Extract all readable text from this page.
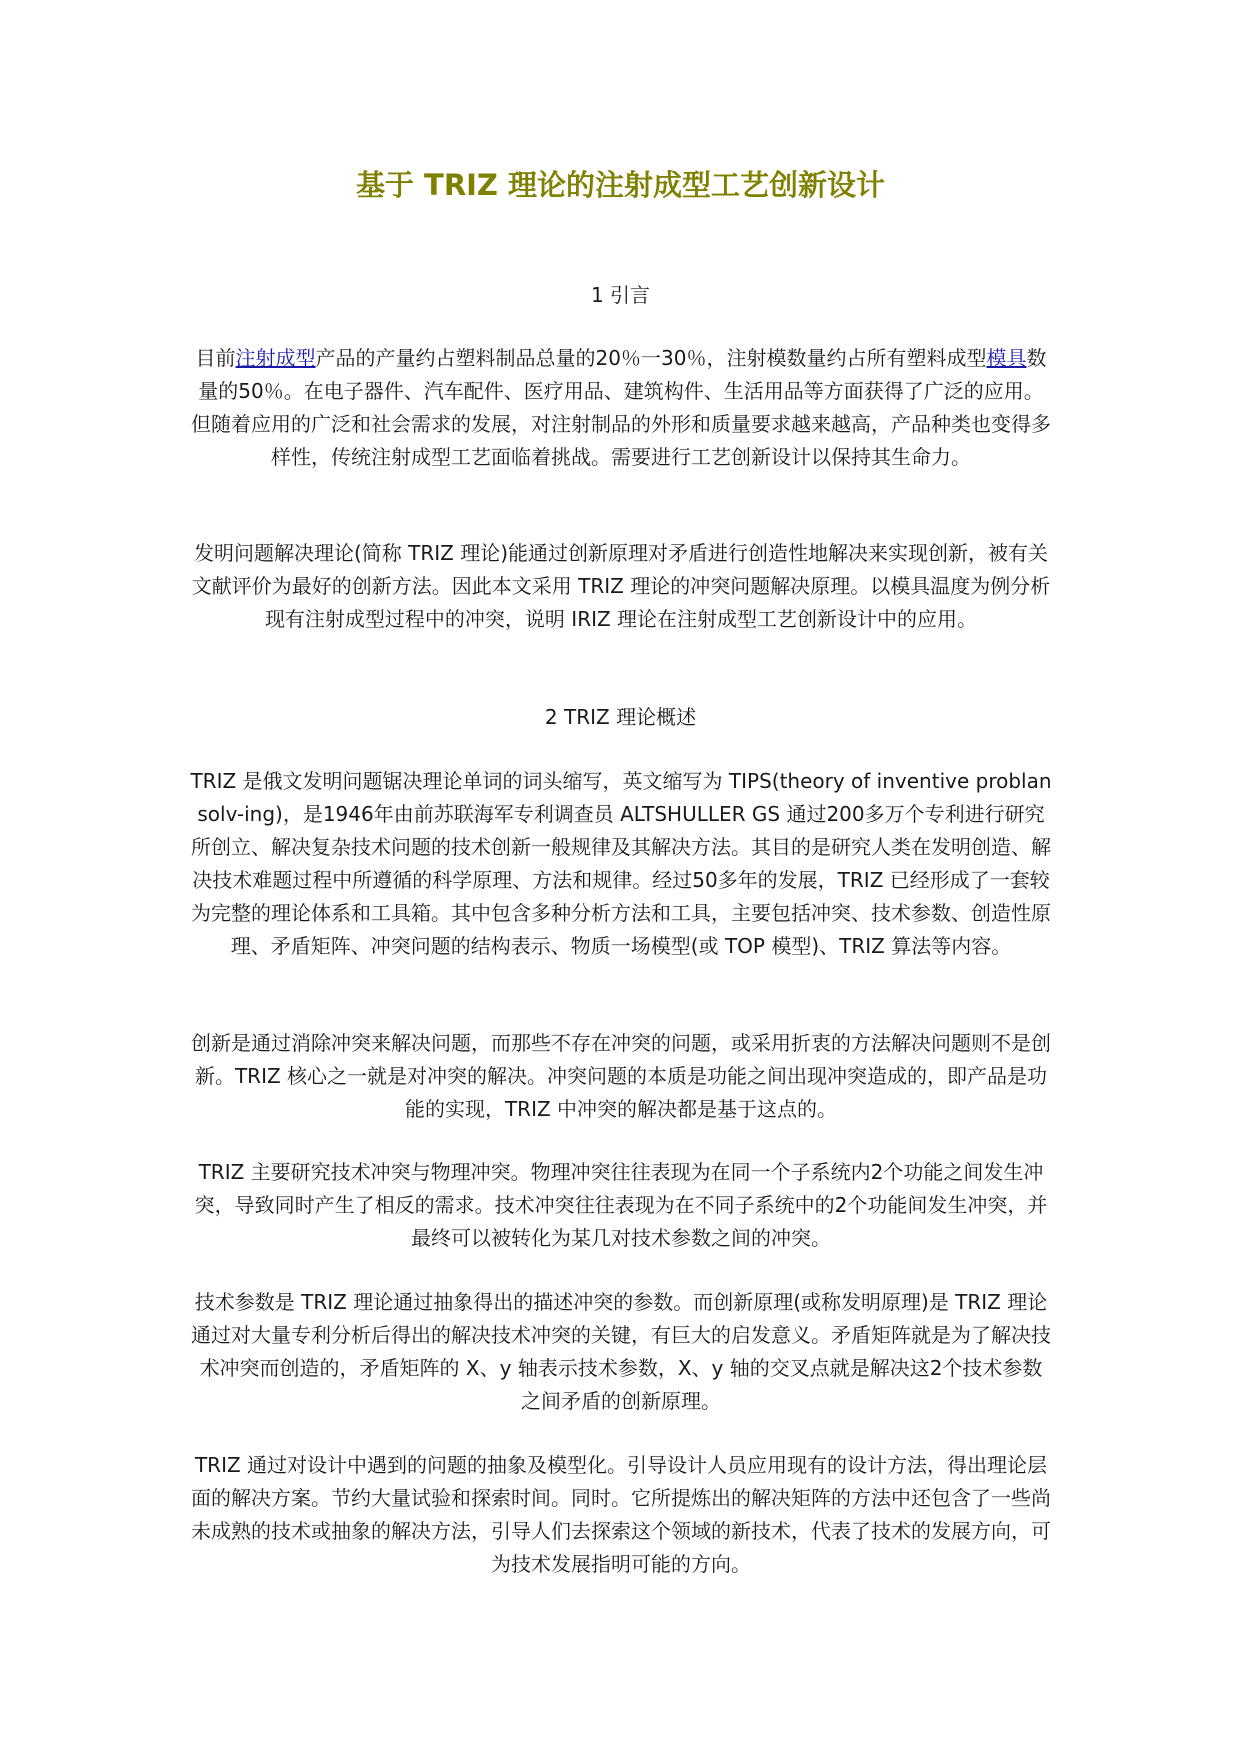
基于 TRIZ 理论的注射成型工艺创新设计
1 引言
目前注射成型产品的产量约占塑料制品总量的20％一30％，注射模数量约占所有塑料成型模具数量的50％。在电子器件、汽车配件、医疗用品、建筑构件、生活用品等方面获得了广泛的应用。但随着应用的广泛和社会需求的发展，对注射制品的外形和质量要求越来越高，产品种类也变得多样性，传统注射成型工艺面临着挑战。需要进行工艺创新设计以保持其生命力。
发明问题解决理论(简称 TRIZ 理论)能通过创新原理对矛盾进行创造性地解决来实现创新，被有关文献评价为最好的创新方法。因此本文采用 TRIZ 理论的冲突问题解决原理。以模具温度为例分析现有注射成型过程中的冲突，说明 IRIZ 理论在注射成型工艺创新设计中的应用。
2 TRIZ 理论概述
TRIZ 是俄文发明问题锯决理论单词的词头缩写，英文缩写为 TIPS(theory of inventive problan solv-ing)，是1946年由前苏联海军专利调查员 ALTSHULLER GS 通过200多万个专利进行研究所创立、解决复杂技术问题的技术创新一般规律及其解决方法。其目的是研究人类在发明创造、解决技术难题过程中所遵循的科学原理、方法和规律。经过50多年的发展，TRIZ 已经形成了一套较为完整的理论体系和工具箱。其中包含多种分析方法和工具，主要包括冲突、技术参数、创造性原理、矛盾矩阵、冲突问题的结构表示、物质一场模型(或 TOP 模型)、TRIZ 算法等内容。
创新是通过消除冲突来解决问题，而那些不存在冲突的问题，或采用折衷的方法解决问题则不是创新。TRIZ 核心之一就是对冲突的解决。冲突问题的本质是功能之间出现冲突造成的，即产品是功能的实现，TRIZ 中冲突的解决都是基于这点的。
TRIZ 主要研究技术冲突与物理冲突。物理冲突往往表现为在同一个子系统内2个功能之间发生冲突，导致同时产生了相反的需求。技术冲突往往表现为在不同子系统中的2个功能间发生冲突，并最终可以被转化为某几对技术参数之间的冲突。
技术参数是 TRIZ 理论通过抽象得出的描述冲突的参数。而创新原理(或称发明原理)是 TRIZ 理论通过对大量专利分析后得出的解决技术冲突的关键，有巨大的启发意义。矛盾矩阵就是为了解决技术冲突而创造的，矛盾矩阵的 X、y 轴表示技术参数，X、y 轴的交叉点就是解决这2个技术参数之间矛盾的创新原理。
TRIZ 通过对设计中遇到的问题的抽象及模型化。引导设计人员应用现有的设计方法，得出理论层面的解决方案。节约大量试验和探索时间。同时。它所提炼出的解决矩阵的方法中还包含了一些尚未成熟的技术或抽象的解决方法，引导人们去探索这个领域的新技术，代表了技术的发展方向，可为技术发展指明可能的方向。
